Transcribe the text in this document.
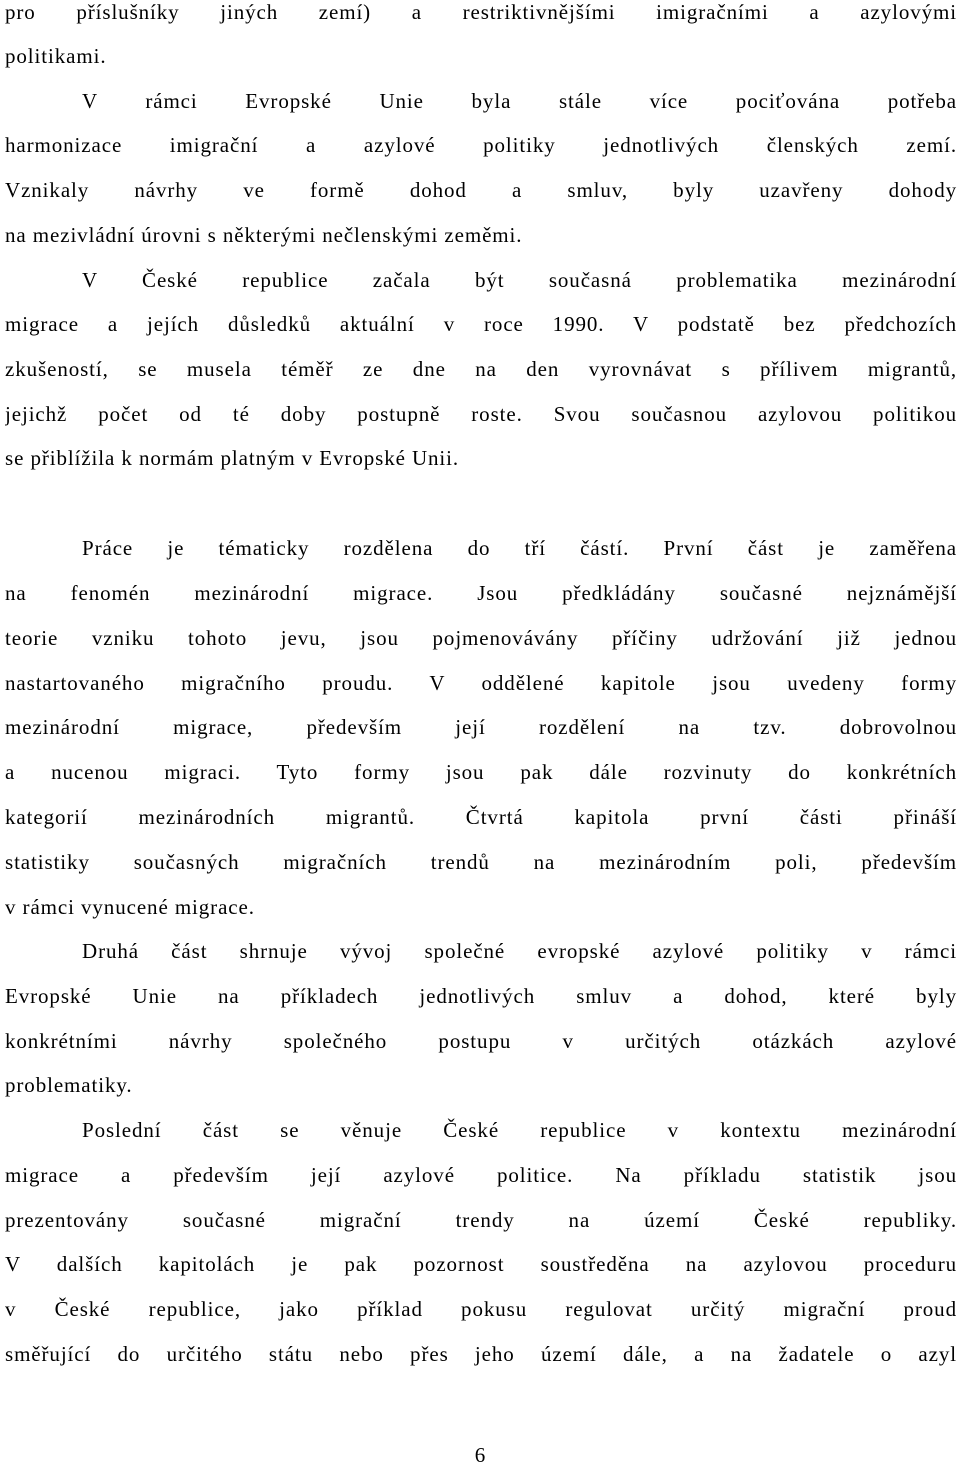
pro příslušníky jiných zemí) a restriktivnějšími imigračními a azylovými
politikami.
V rámci Evropské Unie byla stále více pociťována potřeba
harmonizace imigrační a azylové politiky jednotlivých členských zemí.
Vznikaly návrhy ve formě dohod a smluv, byly uzavřeny dohody
na mezivládní úrovni s některými nečlenskými zeměmi.
V České republice začala být současná problematika mezinárodní
migrace a jejích důsledků aktuální v roce 1990. V podstatě bez předchozích
zkušeností, se musela téměř ze dne na den vyrovnávat s přílivem migrantů,
jejichž počet od té doby postupně roste. Svou současnou azylovou politikou
se přiblížila k normám platným v Evropské Unii.
Práce je tématicky rozdělena do tří částí. První část je zaměřena
na fenomén mezinárodní migrace. Jsou předkládány současné nejznámější
teorie vzniku tohoto jevu, jsou pojmenovávány příčiny udržování již jednou
nastartovaného migračního proudu. V oddělené kapitole jsou uvedeny formy
mezinárodní migrace, především její rozdělení na tzv. dobrovolnou
a nucenou migraci. Tyto formy jsou pak dále rozvinuty do konkrétních
kategorií mezinárodních migrantů. Čtvrtá kapitola první části přináší
statistiky současných migračních trendů na mezinárodním poli, především
v rámci vynucené migrace.
Druhá část shrnuje vývoj společné evropské azylové politiky v rámci
Evropské Unie na příkladech jednotlivých smluv a dohod, které byly
konkrétními návrhy společného postupu v určitých otázkách azylové
problematiky.
Poslední část se věnuje České republice v kontextu mezinárodní
migrace a především její azylové politice. Na příkladu statistik jsou
prezentovány současné migrační trendy na území České republiky.
V dalších kapitolách je pak pozornost soustředěna na azylovou proceduru
v České republice, jako příklad pokusu regulovat určitý migrační proud
směřující do určitého státu nebo přes jeho území dále, a na žadatele o azyl
6
